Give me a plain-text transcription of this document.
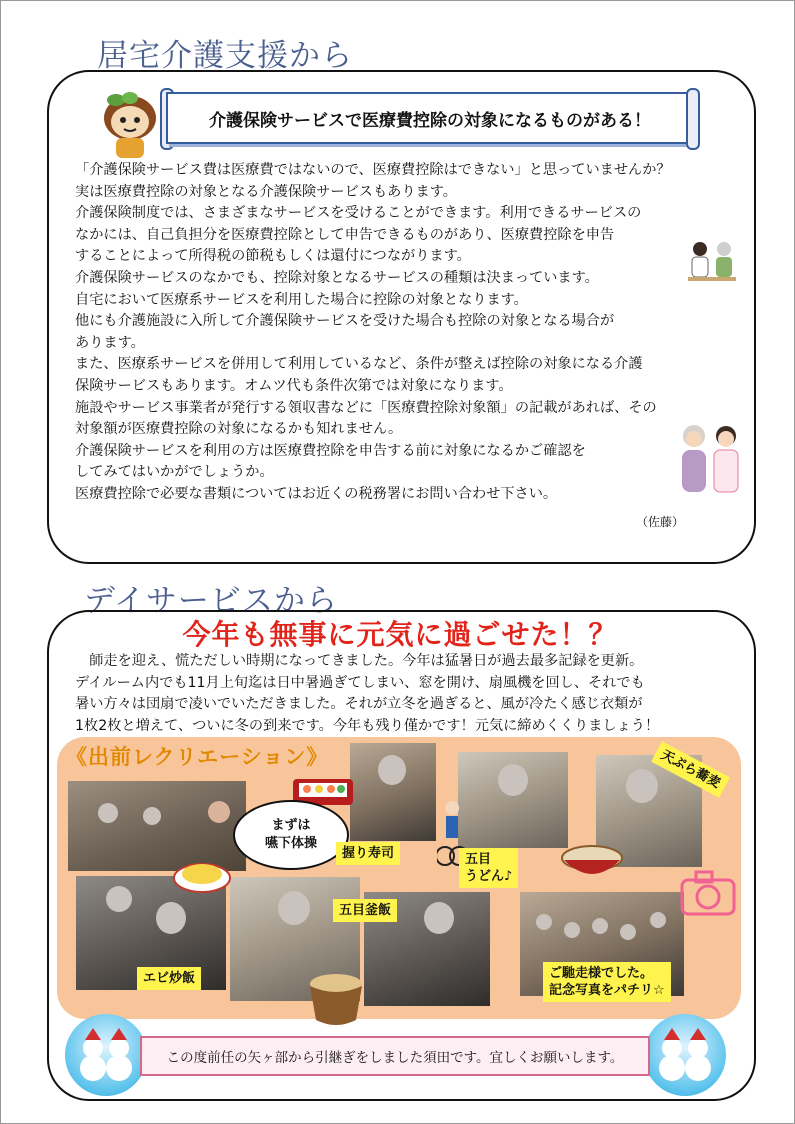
居宅介護支援から
介護保険サービスで医療費控除の対象になるものがある！

「介護保険サービス費は医療費ではないので、医療費控除はできない」と思っていませんか？

実は医療費控除の対象となる介護保険サービスもあります。

介護保険制度では、さまざまなサービスを受けることができます。利用できるサービスの

なかには、自己負担分を医療費控除として申告できるものがあり、医療費控除を申告

することによって所得税の節税もしくは還付につながります。

介護保険サービスのなかでも、控除対象となるサービスの種類は決まっています。

自宅において医療系サービスを利用した場合に控除の対象となります。

他にも介護施設に入所して介護保険サービスを受けた場合も控除の対象となる場合が

あります。

また、医療系サービスを併用して利用しているなど、条件が整えば控除の対象になる介護

保険サービスもあります。オムツ代も条件次第では対象になります。

施設やサービス事業者が発行する領収書などに「医療費控除対象額」の記載があれば、その

対象額が医療費控除の対象になるかも知れません。

介護保険サービスを利用の方は医療費控除を申告する前に対象になるかご確認を

してみてはいかがでしょうか。

医療費控除で必要な書類についてはお近くの税務署にお問い合わせ下さい。

（佐藤）
デイサービスから
今年も無事に元気に過ごせた！？

　師走を迎え、慌ただしい時期になってきました。今年は猛暑日が過去最多記録を更新。

デイルーム内でも11月上旬迄は日中暑過ぎてしまい、窓を開け、扇風機を回し、それでも

暑い方々は団扇で凌いでいただきました。それが立冬を過ぎると、風が冷たく感じ衣類が

1枚2枚と増えて、ついに冬の到来です。今年も残り僅かです！元気に締めくくりましょう！

《出前レクリエーション》
まずは
嚥下体操
握り寿司	五目
うどん♪
天ぷら蕎麦
五目釜飯
エビ炒飯	ご馳走様でした。
記念写真をパチリ☆
この度前任の矢ヶ部から引継ぎをしました須田です。宜しくお願いします。
